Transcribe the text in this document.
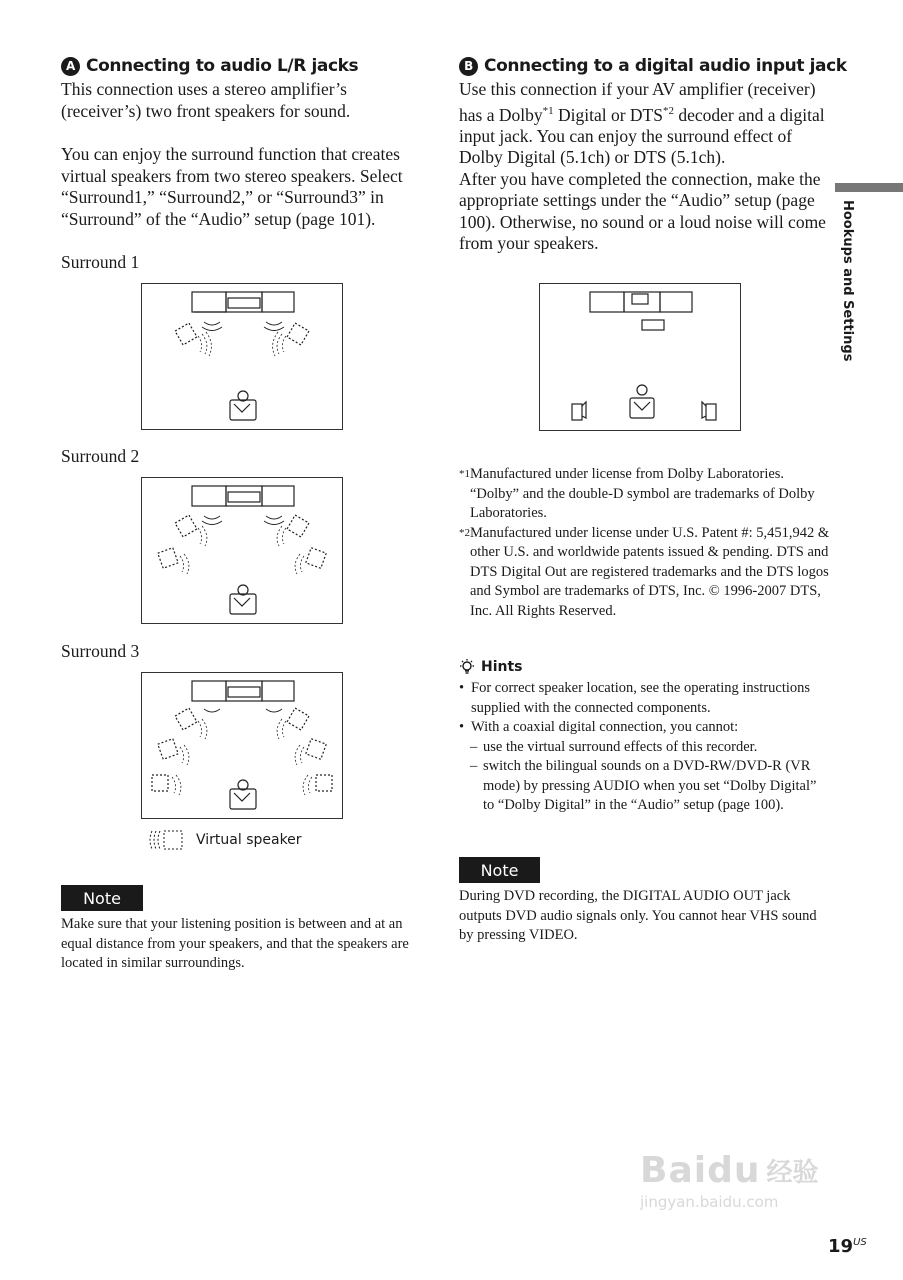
Hookups and Settings
A Connecting to audio L/R jacks

This connection uses a stereo amplifier’s (receiver’s) two front speakers for sound.

You can enjoy the surround function that creates virtual speakers from two stereo speakers. Select “Surround1,” “Surround2,” or “Surround3” in “Surround” of the “Audio” setup (page 101).

Surround 1
Surround 2
Surround 3
Virtual speaker
Note
Make sure that your listening position is between and at an equal distance from your speakers, and that the speakers are located in similar surroundings.
B Connecting to a digital audio input jack

Use this connection if your AV amplifier (receiver) has a Dolby$^{*1}$ Digital or DTS$^{*2}$ decoder and a digital input jack. You can enjoy the surround effect of Dolby Digital (5.1ch) or DTS (5.1ch).

After you have completed the connection, make the appropriate settings under the “Audio” setup (page 100). Otherwise, no sound or a loud noise will come from your speakers.

*1 Manufactured under license from Dolby Laboratories. “Dolby” and the double-D symbol are trademarks of Dolby Laboratories.
*2 Manufactured under license under U.S. Patent #: 5,451,942 & other U.S. and worldwide patents issued & pending. DTS and DTS Digital Out are registered trademarks and the DTS logos and Symbol are trademarks of DTS, Inc. © 1996-2007 DTS, Inc. All Rights Reserved.
Hints
• For correct speaker location, see the operating instructions supplied with the connected components.
• With a coaxial digital connection, you cannot:
– use the virtual surround effects of this recorder.
– switch the bilingual sounds on a DVD-RW/DVD-R (VR mode) by pressing AUDIO when you set “Dolby Digital” to “Dolby Digital” in the “Audio” setup (page 100).
Note
During DVD recording, the DIGITAL AUDIO OUT jack outputs DVD audio signals only. You cannot hear VHS sound by pressing VIDEO.
Baidu 经验
jingyan.baidu.com
$19^{US}$
